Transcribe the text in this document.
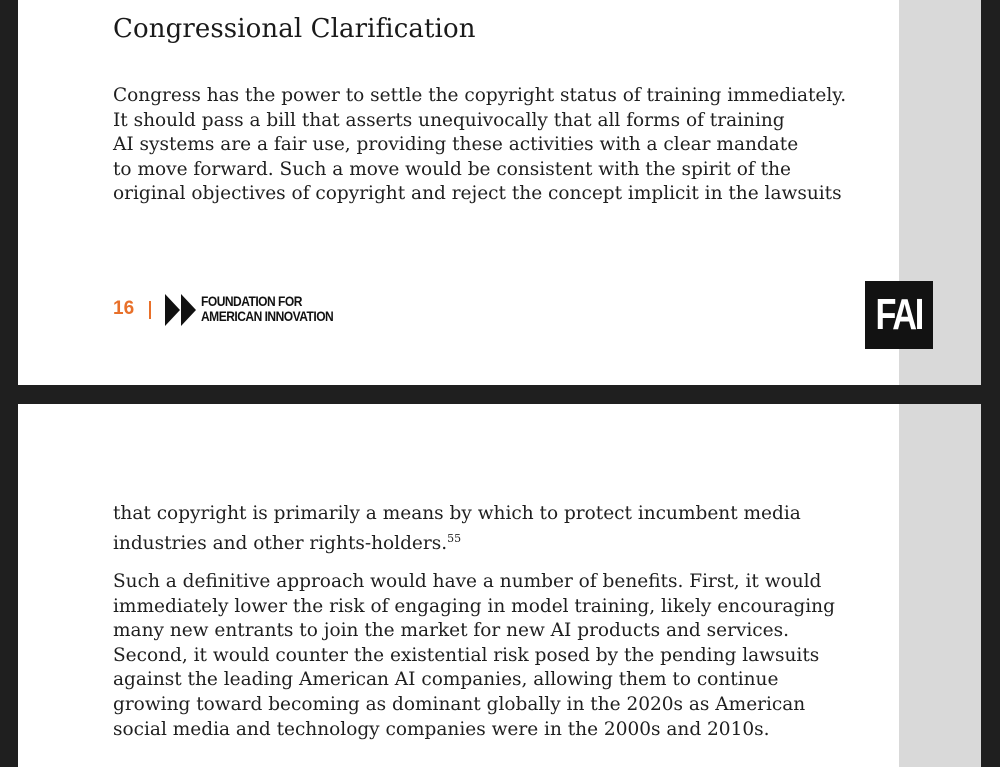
Congressional Clarification

Congress has the power to settle the copyright status of training immediately.
It should pass a bill that asserts unequivocally that all forms of training
AI systems are a fair use, providing these activities with a clear mandate
to move forward. Such a move would be consistent with the spirit of the
original objectives of copyright and reject the concept implicit in the lawsuits

16	FOUNDATION FOR
AMERICAN INNOVATION	FAI

that copyright is primarily a means by which to protect incumbent media
industries and other rights-holders.$^{55}$

Such a definitive approach would have a number of benefits. First, it would
immediately lower the risk of engaging in model training, likely encouraging
many new entrants to join the market for new AI products and services.
Second, it would counter the existential risk posed by the pending lawsuits
against the leading American AI companies, allowing them to continue
growing toward becoming as dominant globally in the 2020s as American
social media and technology companies were in the 2000s and 2010s.
